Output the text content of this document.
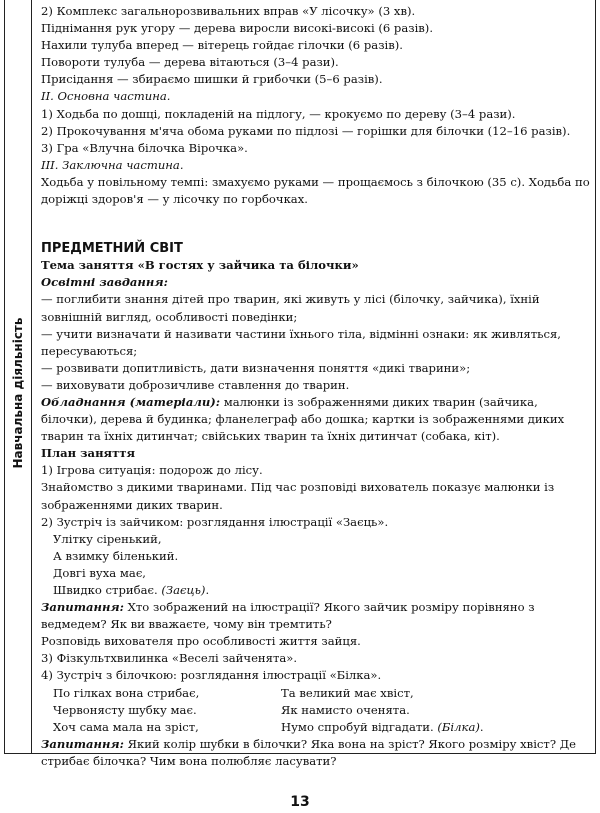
Навчальна діяльність

2) Комплекс загальнорозвивальних вправ «У лісочку» (3 хв).

Піднімання рук угору — дерева виросли високі-високі (6 разів).

Нахили тулуба вперед — вітерець гойдає гілочки (6 разів).

Повороти тулуба — дерева вітаються (3–4 рази).

Присідання — збираємо шишки й грибочки (5–6 разів).

II. Основна частина.

1) Ходьба по дошці, покладеній на підлогу, — крокуємо по дереву (3–4 рази).

2) Прокочування м'яча обома руками по підлозі — горішки для білочки (12–16 разів).

3) Гра «Влучна білочка Вірочка».

III. Заключна частина.

Ходьба у повільному темпі: змахуємо руками — прощаємось з білочкою (35 с). Ходьба по доріжці здоров'я — у лісочку по горбочках.

ПРЕДМЕТНИЙ СВІТ

Тема заняття «В гостях у зайчика та білочки»

Освітні завдання:

— поглибити знання дітей про тварин, які живуть у лісі (білочку, зайчика), їхній зовнішній вигляд, особливості поведінки;

— учити визначати й називати частини їхнього тіла, відмінні ознаки: як живляться, пересуваються;

— розвивати допитливість, дати визначення поняття «дикі тварини»;

— виховувати доброзичливе ставлення до тварин.

Обладнання (матеріали): малюнки із зображеннями диких тварин (зайчика, білочки), дерева й будинка; фланелеграф або дошка; картки із зображеннями диких тварин та їхніх дитинчат; свійських тварин та їхніх дитинчат (собака, кіт).

План заняття

1) Ігрова ситуація: подорож до лісу.

Знайомство з дикими тваринами. Під час розповіді вихователь показує малюнки із зображеннями диких тварин.

2) Зустріч із зайчиком: розглядання ілюстрації «Заєць».

Улітку сіренький,

А взимку біленький.

Довгі вуха має,

Швидко стрибає. (Заєць).

Запитання: Хто зображений на ілюстрації? Якого зайчик розміру порівняно з ведмедем? Як ви вважаєте, чому він тремтить?

Розповідь вихователя про особливості життя зайця.

3) Фізкультхвилинка «Веселі зайченята».

4) Зустріч з білочкою: розглядання ілюстрації «Білка».

По гілках вона стрибає,	Та великий має хвіст,
Червонясту шубку має.	Як намисто оченята.
Хоч сама мала на зріст,	Нумо спробуй відгадати. (Білка).

Запитання: Який колір шубки в білочки? Яка вона на зріст? Якого розміру хвіст? Де стрибає білочка? Чим вона полюбляє ласувати?

13
